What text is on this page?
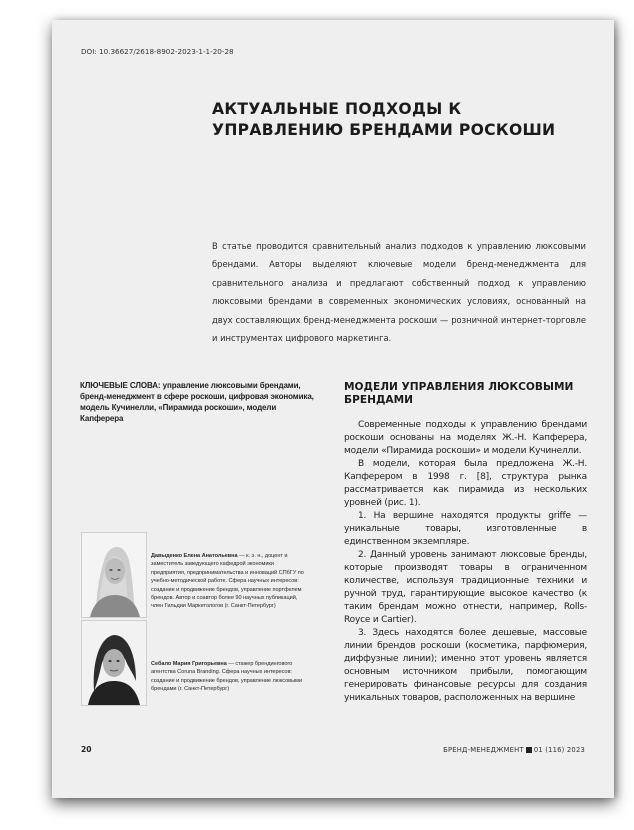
DOI: 10.36627/2618-8902-2023-1-1-20-28
АКТУАЛЬНЫЕ ПОДХОДЫ К УПРАВЛЕНИЮ БРЕНДАМИ РОСКОШИ

В статье проводится сравнительный анализ подходов к управлению люксовыми брендами. Авторы выделяют ключевые модели бренд-менеджмента для сравнительного анализа и предлагают собственный подход к управлению люксовыми брендами в современных экономических условиях, основанный на двух составляющих бренд-менеджмента роскоши — розничной интернет-торговле и инструментах цифрового маркетинга.

КЛЮЧЕВЫЕ СЛОВА: управление люксовыми брендами, бренд-менеджмент в сфере роскоши, цифровая экономика, модель Кучинелли, «Пирамида роскоши», модели Капферера
Давыденко Елена Анатольевна — к. э. н., доцент и заместитель заведующего кафедрой экономики предприятия, предпринимательства и инноваций СПбГУ по учебно-методической работе. Сфера научных интересов: создание и продвижение брендов, управление портфелем брендов. Автор и соавтор более 90 научных публикаций, член Гильдии Маркетологов (г. Санкт-Петербург)
Себало Мария Григорьевна — стажер брендингового агентства Coruna Branding. Сфера научных интересов: создание и продвижение брендов, управление люксовыми брендами (г. Санкт-Петербург)
МОДЕЛИ УПРАВЛЕНИЯ ЛЮКСОВЫМИ БРЕНДАМИ

Современные подходы к управлению брендами роскоши основаны на моделях Ж.-Н. Капферера, модели «Пирамида роскоши» и модели Кучинелли.

В модели, которая была предложена Ж.-Н. Капферером в 1998 г. [8], структура рынка рассматривается как пирамида из нескольких уровней (рис. 1).

1. На вершине находятся продукты griffe — уникальные товары, изготовленные в единственном экземпляре.

2. Данный уровень занимают люксовые бренды, которые производят товары в ограниченном количестве, используя традиционные техники и ручной труд, гарантирующие высокое качество (к таким брендам можно отнести, например, Rolls-Royce и Cartier).

3. Здесь находятся более дешевые, массовые линии брендов роскоши (косметика, парфюмерия, диффузные линии); именно этот уровень является основным источником прибыли, помогающим генерировать финансовые ресурсы для создания уникальных товаров, расположенных на вершине

20	БРЕНД-МЕНЕДЖМЕНТ 01 (116) 2023
